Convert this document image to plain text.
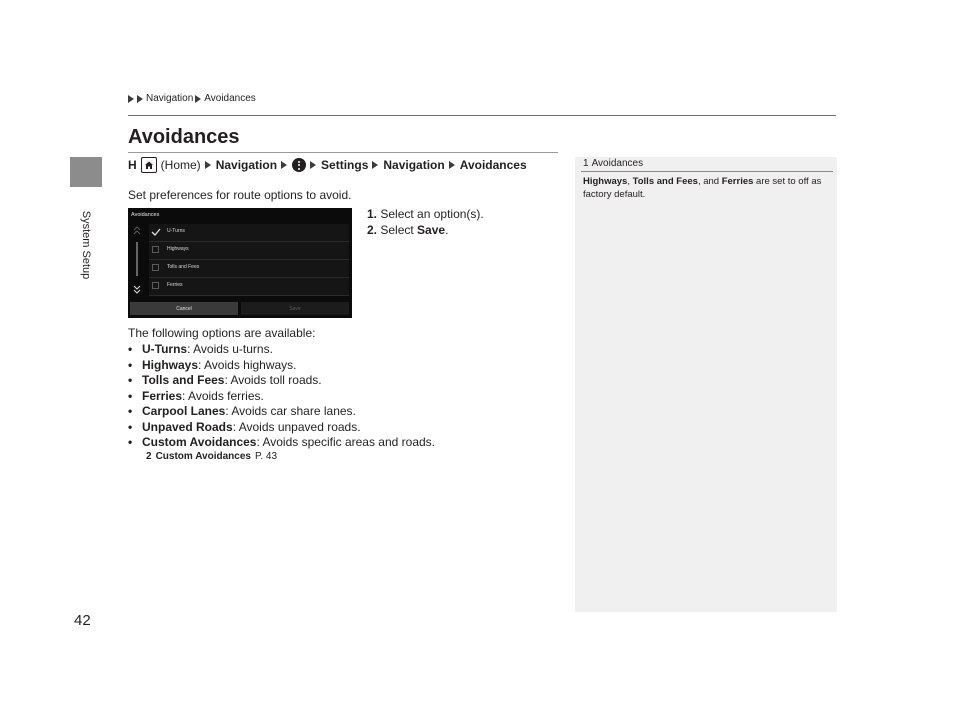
System Setup
42
Navigation Avoidances
Avoidances
H (Home) Navigation	Settings Navigation Avoidances
Set preferences for route options to avoid.
1. Select an option(s).
2. Select Save.
Avoidances
U-Turns
Highways
Tolls and Fees
Ferries
Cancel	Save
The following options are available:
• U-Turns: Avoids u-turns.
• Highways: Avoids highways.
• Tolls and Fees: Avoids toll roads.
• Ferries: Avoids ferries.
• Carpool Lanes: Avoids car share lanes.
• Unpaved Roads: Avoids unpaved roads.
• Custom Avoidances: Avoids specific areas and roads.
2 Custom Avoidances P. 43
1 Avoidances
Highways, Tolls and Fees, and Ferries are set to off as factory default.
